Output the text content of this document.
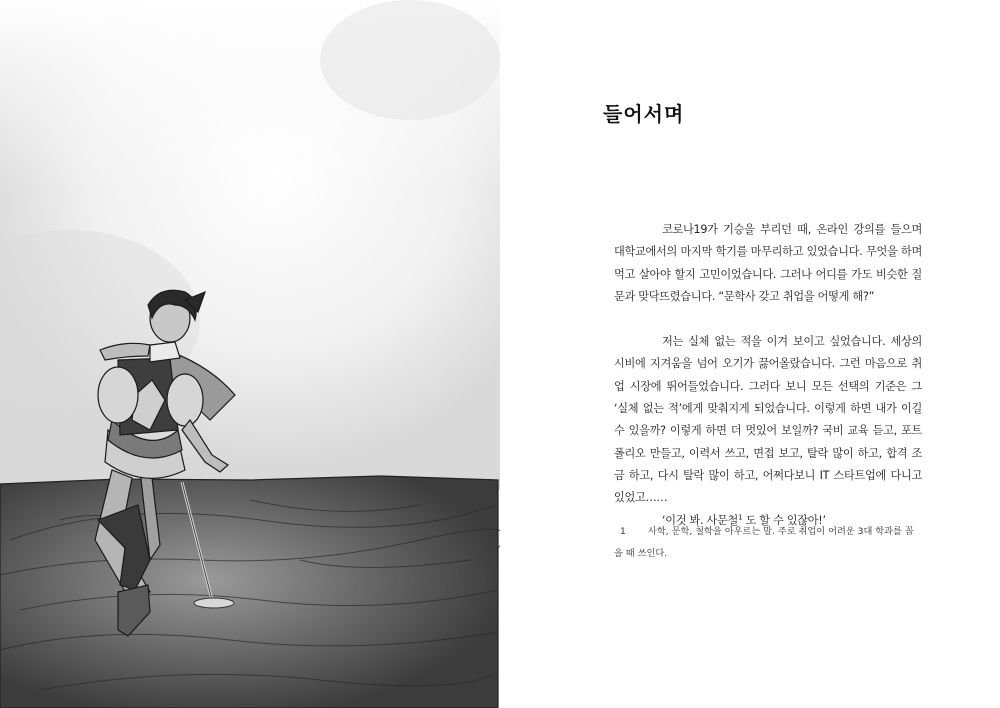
들어서며

코로나19가 기승을 부리던 때, 온라인 강의를 들으며 대학교에서의 마지막 학기를 마무리하고 있었습니다. 무엇을 하며 먹고 살아야 할지 고민이었습니다. 그러나 어디를 가도 비슷한 질문과 맞닥뜨렸습니다. “문학사 갖고 취업을 어떻게 해?”

저는 실체 없는 적을 이겨 보이고 싶었습니다. 세상의 시비에 지겨움을 넘어 오기가 끓어올랐습니다. 그런 마음으로 취업 시장에 뛰어들었습니다. 그러다 보니 모든 선택의 기준은 그 ‘실체 없는 적’에게 맞춰지게 되었습니다. 이렇게 하면 내가 이길 수 있을까? 이렇게 하면 더 멋있어 보일까? 국비 교육 듣고, 포트폴리오 만들고, 이력서 쓰고, 면접 보고, 탈락 많이 하고, 합격 조금 하고, 다시 탈락 많이 하고, 어쩌다보니 IT 스타트업에 다니고 있었고……

‘이것 봐. 사문철$^1$ 도 할 수 있잖아!’

1 사학, 문학, 철학을 아우르는 말. 주로 취업이 어려운 3대 학과를 꼽을 때 쓰인다.
